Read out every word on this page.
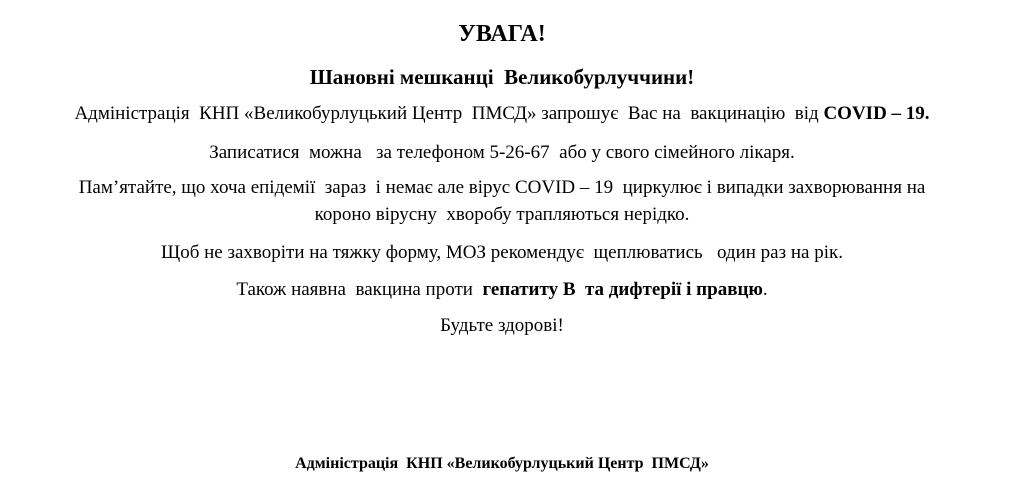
УВАГА!
Шановні мешканці  Великобурлуччини!
Адміністрація  КНП «Великобурлуцький Центр  ПМСД» запрошує  Вас на  вакцинацію  від COVID – 19.
Записатися  можна   за телефоном 5-26-67  або у свого сімейного лікаря.
Пам’ятайте, що хоча епідемії  зараз  і немає але вірус COVID – 19  циркулює і випадки захворювання на
короно вірусну  хворобу трапляються нерідко.
Щоб не захворіти на тяжку форму, МОЗ рекомендує  щеплюватись   один раз на рік.
Також наявна  вакцина проти  гепатиту В  та дифтерії і правцю.
Будьте здорові!
Адміністрація  КНП «Великобурлуцький Центр  ПМСД»
